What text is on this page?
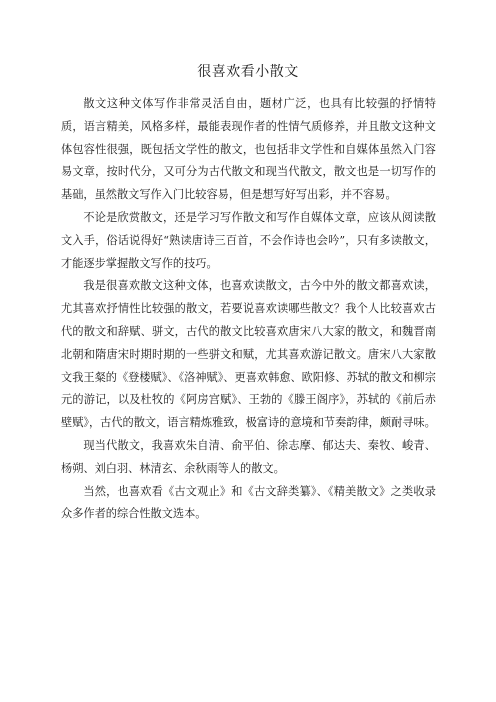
很喜欢看小散文

散文这种文体写作非常灵活自由，题材广泛，也具有比较强的抒情特质，语言精美，风格多样，最能表现作者的性情气质修养，并且散文这种文体包容性很强，既包括文学性的散文，也包括非文学性和自媒体虽然入门容易文章，按时代分，又可分为古代散文和现当代散文，散文也是一切写作的基础，虽然散文写作入门比较容易，但是想写好写出彩，并不容易。

不论是欣赏散文，还是学习写作散文和写作自媒体文章，应该从阅读散文入手，俗话说得好“熟读唐诗三百首，不会作诗也会吟”，只有多读散文，才能逐步掌握散文写作的技巧。

我是很喜欢散文这种文体，也喜欢读散文，古今中外的散文都喜欢读，尤其喜欢抒情性比较强的散文，若要说喜欢读哪些散文？我个人比较喜欢古代的散文和辞赋、骈文，古代的散文比较喜欢唐宋八大家的散文，和魏晋南北朝和隋唐宋时期时期的一些骈文和赋，尤其喜欢游记散文。唐宋八大家散文我王粲的《登楼赋》、《洛神赋》、更喜欢韩愈、欧阳修、苏轼的散文和柳宗元的游记，以及杜牧的《阿房宫赋》、王勃的《滕王阁序》，苏轼的《前后赤壁赋》，古代的散文，语言精炼雅致，极富诗的意境和节奏韵律，颇耐寻味。

现当代散文，我喜欢朱自清、俞平伯、徐志摩、郁达夫、秦牧、峻青、杨朔、刘白羽、林清玄、余秋雨等人的散文。

当然，也喜欢看《古文观止》和《古文辞类纂》、《精美散文》之类收录众多作者的综合性散文选本。
